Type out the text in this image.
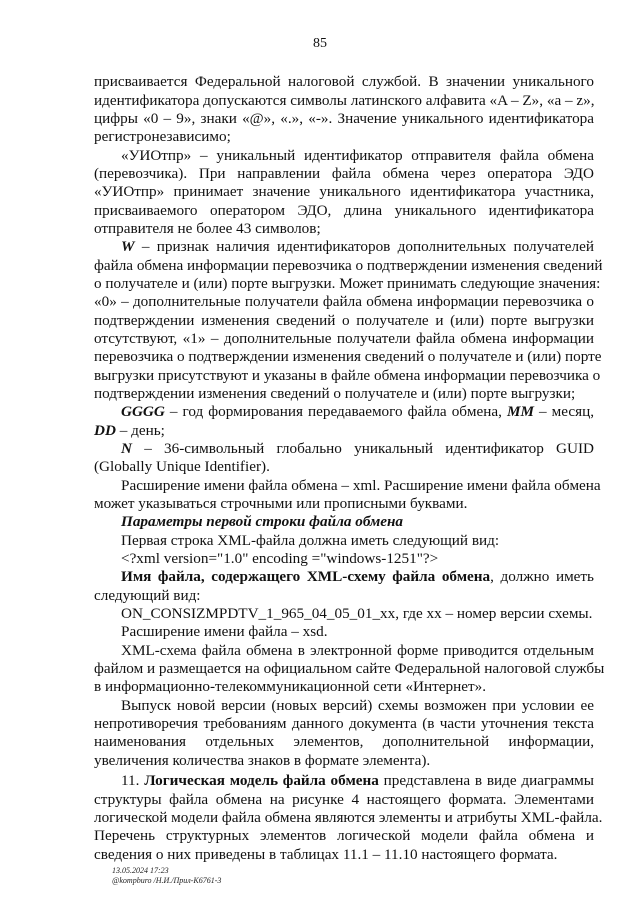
85
присваивается Федеральной налоговой службой. В значении уникального
идентификатора допускаются символы латинского алфавита «A – Z», «a – z»,
цифры «0 – 9», знаки «@», «.», «-». Значение уникального идентификатора
регистронезависимо;
«УИОтпр» – уникальный идентификатор отправителя файла обмена
(перевозчика). При направлении файла обмена через оператора ЭДО
«УИОтпр» принимает значение уникального идентификатора участника,
присваиваемого оператором ЭДО, длина уникального идентификатора
отправителя не более 43 символов;
W – признак наличия идентификаторов дополнительных получателей
файла обмена информации перевозчика о подтверждении изменения сведений
о получателе и (или) порте выгрузки. Может принимать следующие значения:
«0» – дополнительные получатели файла обмена информации перевозчика о
подтверждении изменения сведений о получателе и (или) порте выгрузки
отсутствуют, «1» – дополнительные получатели файла обмена информации
перевозчика о подтверждении изменения сведений о получателе и (или) порте
выгрузки присутствуют и указаны в файле обмена информации перевозчика о
подтверждении изменения сведений о получателе и (или) порте выгрузки;
GGGG – год формирования передаваемого файла обмена, MM – месяц,
DD – день;
N – 36-символьный глобально уникальный идентификатор GUID
(Globally Unique Identifier).
Расширение имени файла обмена – xml. Расширение имени файла обмена
может указываться строчными или прописными буквами.
Параметры первой строки файла обмена
Первая строка XML-файла должна иметь следующий вид:
<?xml version="1.0" encoding ="windows-1251"?>
Имя файла, содержащего XML-схему файла обмена, должно иметь
следующий вид:
ON_CONSIZMPDTV_1_965_04_05_01_xx, где хх – номер версии схемы.
Расширение имени файла – xsd.
XML-схема файла обмена в электронной форме приводится отдельным
файлом и размещается на официальном сайте Федеральной налоговой службы
в информационно-телекоммуникационной сети «Интернет».
Выпуск новой версии (новых версий) схемы возможен при условии ее
непротиворечия требованиям данного документа (в части уточнения текста
наименования отдельных элементов, дополнительной информации,
увеличения количества знаков в формате элемента).
11. Логическая модель файла обмена представлена в виде диаграммы
структуры файла обмена на рисунке 4 настоящего формата. Элементами
логической модели файла обмена являются элементы и атрибуты XML-файла.
Перечень структурных элементов логической модели файла обмена и
сведения о них приведены в таблицах 11.1 – 11.10 настоящего формата.
13.05.2024 17:23
@kompburo /Н.И./Прил-К6761-3
